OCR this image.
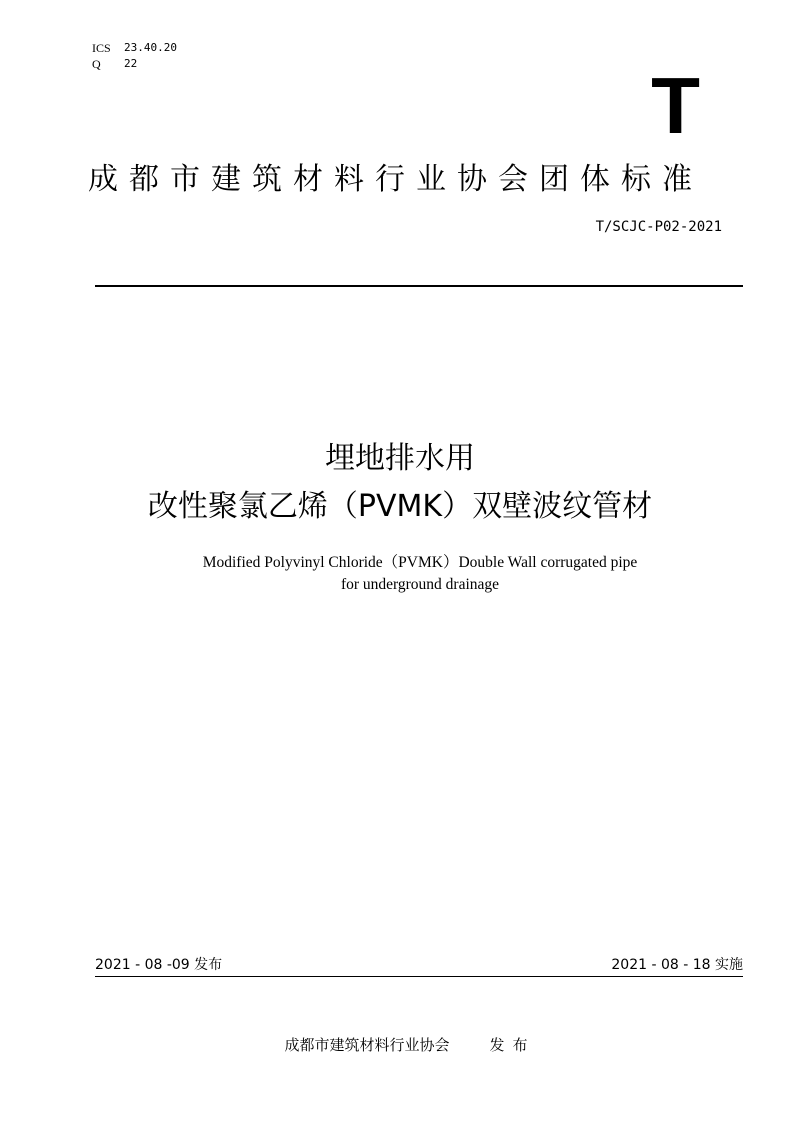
ICS	23.40.20
Q	22	T
成都市建筑材料行业协会团体标准
T/SCJC-P02-2021
埋地排水用
改性聚氯乙烯（PVMK）双壁波纹管材
Modified Polyvinyl Chloride（PVMK）Double Wall corrugated pipe
for underground drainage
2021 - 08 -09 发布	2021 - 08 - 18 实施
成都市建筑材料行业协会	发布
